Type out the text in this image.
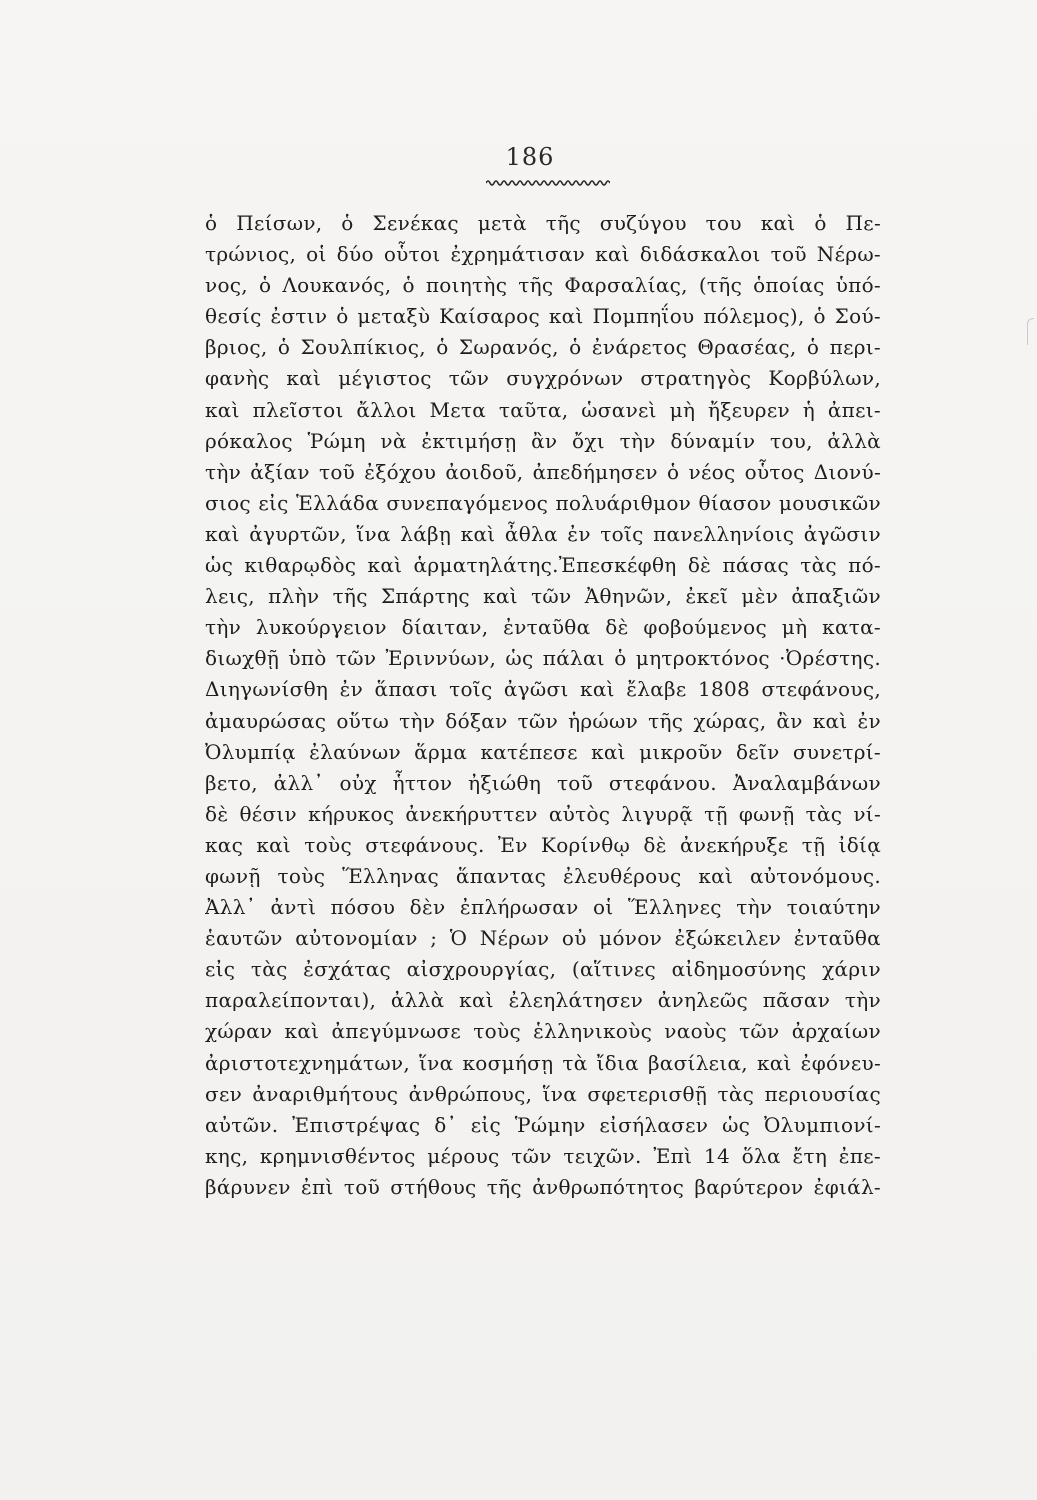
186
ὁ Πείσων, ὁ Σενέκας μετὰ τῆς συζύγου του καὶ ὁ Πε-
τρώνιος, οἱ δύο οὗτοι ἐχρημάτισαν καὶ διδάσκαλοι τοῦ Νέρω-
νος, ὁ Λουκανός, ὁ ποιητὴς τῆς Φαρσαλίας, (τῆς ὁποίας ὑπό-
θεσίς ἐστιν ὁ μεταξὺ Καίσαρος καὶ Πομπηΐου πόλεμος), ὁ Σού-
βριος, ὁ Σουλπίκιος, ὁ Σωρανός, ὁ ἐνάρετος Θρασέας, ὁ περι-
φανὴς καὶ μέγιστος τῶν συγχρόνων στρατηγὸς Κορβύλων,
καὶ πλεῖστοι ἄλλοι Μετα ταῦτα, ὡσανεὶ μὴ ἤξευρεν ἡ ἀπει-
ρόκαλος Ῥώμη νὰ ἐκτιμήσῃ ἂν ὄχι τὴν δύναμίν του, ἀλλὰ
τὴν ἀξίαν τοῦ ἐξόχου ἀοιδοῦ, ἀπεδήμησεν ὁ νέος οὗτος Διονύ-
σιος εἰς Ἑλλάδα συνεπαγόμενος πολυάριθμον θίασον μουσικῶν
καὶ ἀγυρτῶν, ἵνα λάβῃ καὶ ἆθλα ἐν τοῖς πανελληνίοις ἀγῶσιν
ὡς κιθαρῳδὸς καὶ ἁρματηλάτης.Ἐπεσκέφθη δὲ πάσας τὰς πό-
λεις, πλὴν τῆς Σπάρτης καὶ τῶν Ἀθηνῶν, ἐκεῖ μὲν ἀπαξιῶν
τὴν λυκούργειον δίαιταν, ἐνταῦθα δὲ φοβούμενος μὴ κατα-
διωχθῇ ὑπὸ τῶν Ἐριννύων, ὡς πάλαι ὁ μητροκτόνος ·Ὀρέστης.
Διηγωνίσθη ἐν ἅπασι τοῖς ἀγῶσι καὶ ἔλαβε 1808 στεφάνους,
ἀμαυρώσας οὕτω τὴν δόξαν τῶν ἡρώων τῆς χώρας, ἂν καὶ ἐν
Ὀλυμπίᾳ ἐλαύνων ἅρμα κατέπεσε καὶ μικροῦν δεῖν συνετρί-
βετο, ἀλλ᾽ οὐχ ἧττον ἠξιώθη τοῦ στεφάνου. Ἀναλαμβάνων
δὲ θέσιν κήρυκος ἀνεκήρυττεν αὐτὸς λιγυρᾷ τῇ φωνῇ τὰς νί-
κας καὶ τοὺς στεφάνους. Ἐν Κορίνθῳ δὲ ἀνεκήρυξε τῇ ἰδίᾳ
φωνῇ τοὺς Ἕλληνας ἅπαντας ἐλευθέρους καὶ αὐτονόμους.
Ἀλλ᾽ ἀντὶ πόσου δὲν ἐπλήρωσαν οἱ Ἕλληνες τὴν τοιαύτην
ἑαυτῶν αὐτονομίαν ; Ὁ Νέρων οὐ μόνον ἐξώκειλεν ἐνταῦθα
εἰς τὰς ἐσχάτας αἰσχρουργίας, (αἵτινες αἰδημοσύνης χάριν
παραλείπονται), ἀλλὰ καὶ ἐλεηλάτησεν ἀνηλεῶς πᾶσαν τὴν
χώραν καὶ ἀπεγύμνωσε τοὺς ἑλληνικοὺς ναοὺς τῶν ἀρχαίων
ἀριστοτεχνημάτων, ἵνα κοσμήσῃ τὰ ἴδια βασίλεια, καὶ ἐφόνευ-
σεν ἀναριθμήτους ἀνθρώπους, ἵνα σφετερισθῇ τὰς περιουσίας
αὐτῶν. Ἐπιστρέψας δ᾽ εἰς Ῥώμην εἰσήλασεν ὡς Ὀλυμπιονί-
κης, κρημνισθέντος μέρους τῶν τειχῶν. Ἐπὶ 14 ὅλα ἔτη ἐπε-
βάρυνεν ἐπὶ τοῦ στήθους τῆς ἀνθρωπότητος βαρύτερον ἐφιάλ-
